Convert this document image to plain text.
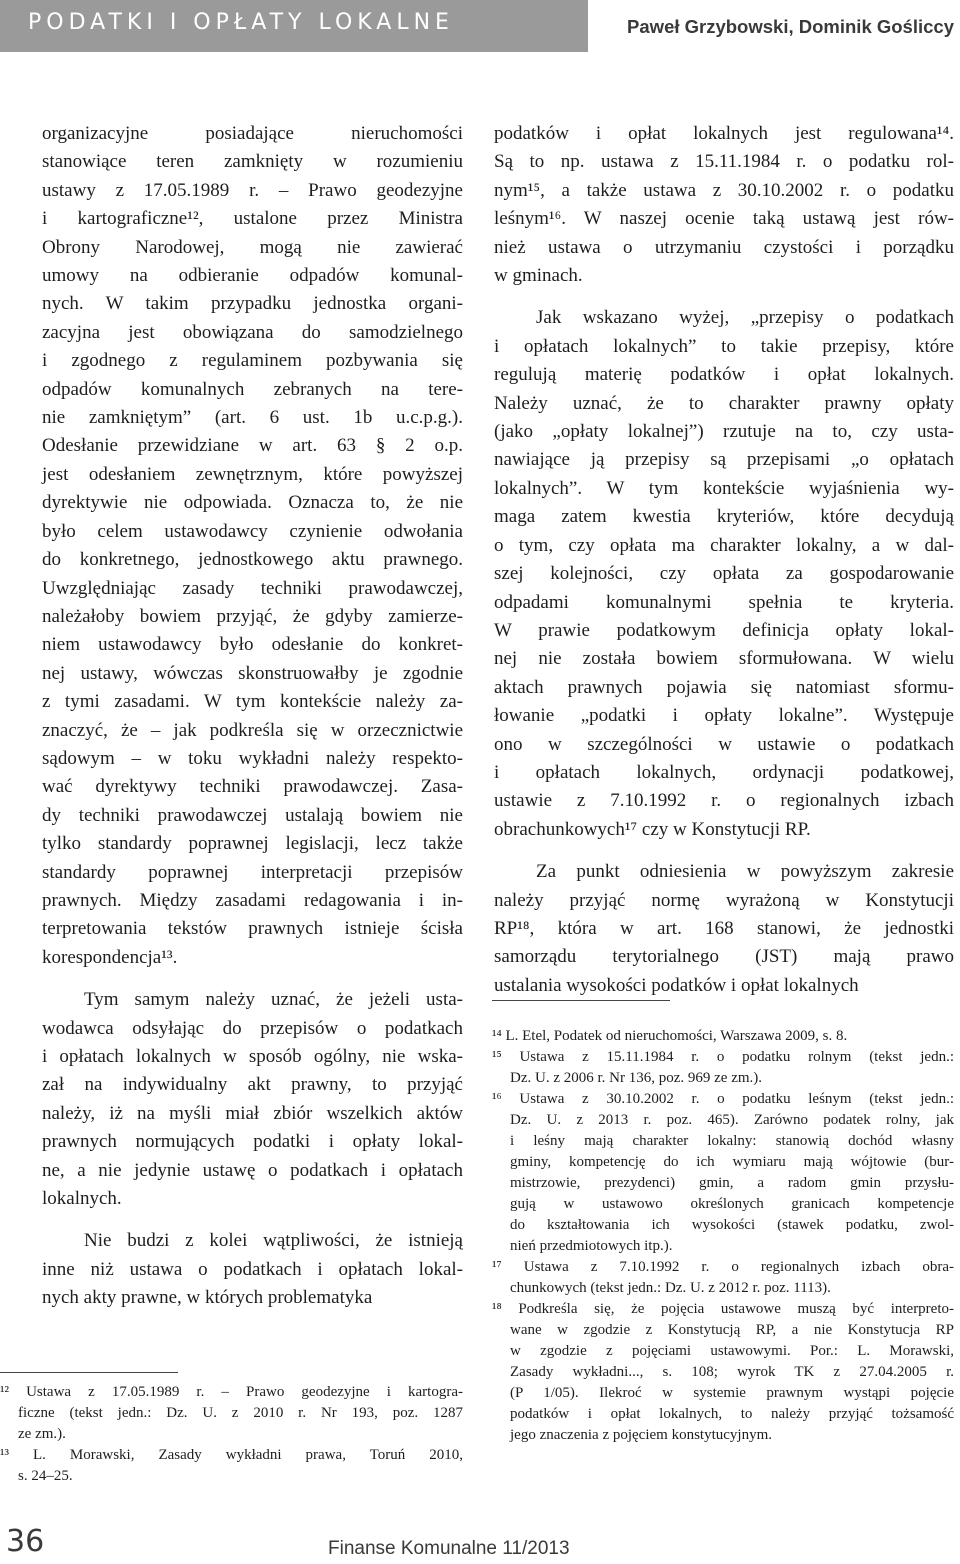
PODATKI I OPŁATY LOKALNE	Paweł Grzybowski, Dominik Gośliccy
organizacyjne posiadające nieruchomości
stanowiące teren zamknięty w rozumieniu
ustawy z 17.05.1989 r. – Prawo geodezyjne
i kartograficzne¹², ustalone przez Ministra
Obrony Narodowej, mogą nie zawierać
umowy na odbieranie odpadów komunal-
nych. W takim przypadku jednostka organi-
zacyjna jest obowiązana do samodzielnego
i zgodnego z regulaminem pozbywania się
odpadów komunalnych zebranych na tere-
nie zamkniętym” (art. 6 ust. 1b u.c.p.g.).
Odesłanie przewidziane w art. 63 § 2 o.p.
jest odesłaniem zewnętrznym, które powyższej
dyrektywie nie odpowiada. Oznacza to, że nie
było celem ustawodawcy czynienie odwołania
do konkretnego, jednostkowego aktu prawnego.
Uwzględniając zasady techniki prawodawczej,
należałoby bowiem przyjąć, że gdyby zamierze-
niem ustawodawcy było odesłanie do konkret-
nej ustawy, wówczas skonstruowałby je zgodnie
z tymi zasadami. W tym kontekście należy za-
znaczyć, że – jak podkreśla się w orzecznictwie
sądowym – w toku wykładni należy respekto-
wać dyrektywy techniki prawodawczej. Zasa-
dy techniki prawodawczej ustalają bowiem nie
tylko standardy poprawnej legislacji, lecz także
standardy poprawnej interpretacji przepisów
prawnych. Między zasadami redagowania i in-
terpretowania tekstów prawnych istnieje ścisła
korespondencja¹³.
Tym samym należy uznać, że jeżeli usta-
wodawca odsyłając do przepisów o podatkach
i opłatach lokalnych w sposób ogólny, nie wska-
zał na indywidualny akt prawny, to przyjąć
należy, iż na myśli miał zbiór wszelkich aktów
prawnych normujących podatki i opłaty lokal-
ne, a nie jedynie ustawę o podatkach i opłatach
lokalnych.
Nie budzi z kolei wątpliwości, że istnieją
inne niż ustawa o podatkach i opłatach lokal-
nych akty prawne, w których problematyka
podatków i opłat lokalnych jest regulowana¹⁴.
Są to np. ustawa z 15.11.1984 r. o podatku rol-
nym¹⁵, a także ustawa z 30.10.2002 r. o podatku
leśnym¹⁶. W naszej ocenie taką ustawą jest rów-
nież ustawa o utrzymaniu czystości i porządku
w gminach.
Jak wskazano wyżej, „przepisy o podatkach
i opłatach lokalnych” to takie przepisy, które
regulują materię podatków i opłat lokalnych.
Należy uznać, że to charakter prawny opłaty
(jako „opłaty lokalnej”) rzutuje na to, czy usta-
nawiające ją przepisy są przepisami „o opłatach
lokalnych”. W tym kontekście wyjaśnienia wy-
maga zatem kwestia kryteriów, które decydują
o tym, czy opłata ma charakter lokalny, a w dal-
szej kolejności, czy opłata za gospodarowanie
odpadami komunalnymi spełnia te kryteria.
W prawie podatkowym definicja opłaty lokal-
nej nie została bowiem sformułowana. W wielu
aktach prawnych pojawia się natomiast sformu-
łowanie „podatki i opłaty lokalne”. Występuje
ono w szczególności w ustawie o podatkach
i opłatach lokalnych, ordynacji podatkowej,
ustawie z 7.10.1992 r. o regionalnych izbach
obrachunkowych¹⁷ czy w Konstytucji RP.
Za punkt odniesienia w powyższym zakresie
należy przyjąć normę wyrażoną w Konstytucji
RP¹⁸, która w art. 168 stanowi, że jednostki
samorządu terytorialnego (JST) mają prawo
ustalania wysokości podatków i opłat lokalnych
¹² Ustawa z 17.05.1989 r. – Prawo geodezyjne i kartogra-
ficzne (tekst jedn.: Dz. U. z 2010 r. Nr 193, poz. 1287
ze zm.).
¹³ L. Morawski, Zasady wykładni prawa, Toruń 2010,
s. 24–25.
¹⁴ L. Etel, Podatek od nieruchomości, Warszawa 2009, s. 8.
¹⁵ Ustawa z 15.11.1984 r. o podatku rolnym (tekst jedn.:
Dz. U. z 2006 r. Nr 136, poz. 969 ze zm.).
¹⁶ Ustawa z 30.10.2002 r. o podatku leśnym (tekst jedn.:
Dz. U. z 2013 r. poz. 465). Zarówno podatek rolny, jak
i leśny mają charakter lokalny: stanowią dochód własny
gminy, kompetencję do ich wymiaru mają wójtowie (bur-
mistrzowie, prezydenci) gmin, a radom gmin przysłu-
gują w ustawowo określonych granicach kompetencje
do kształtowania ich wysokości (stawek podatku, zwol-
nień przedmiotowych itp.).
¹⁷ Ustawa z 7.10.1992 r. o regionalnych izbach obra-
chunkowych (tekst jedn.: Dz. U. z 2012 r. poz. 1113).
¹⁸ Podkreśla się, że pojęcia ustawowe muszą być interpreto-
wane w zgodzie z Konstytucją RP, a nie Konstytucja RP
w zgodzie z pojęciami ustawowymi. Por.: L. Morawski,
Zasady wykładni..., s. 108; wyrok TK z 27.04.2005 r.
(P 1/05). Ilekroć w systemie prawnym wystąpi pojęcie
podatków i opłat lokalnych, to należy przyjąć tożsamość
jego znaczenia z pojęciem konstytucyjnym.
36	Finanse Komunalne 11/2013
